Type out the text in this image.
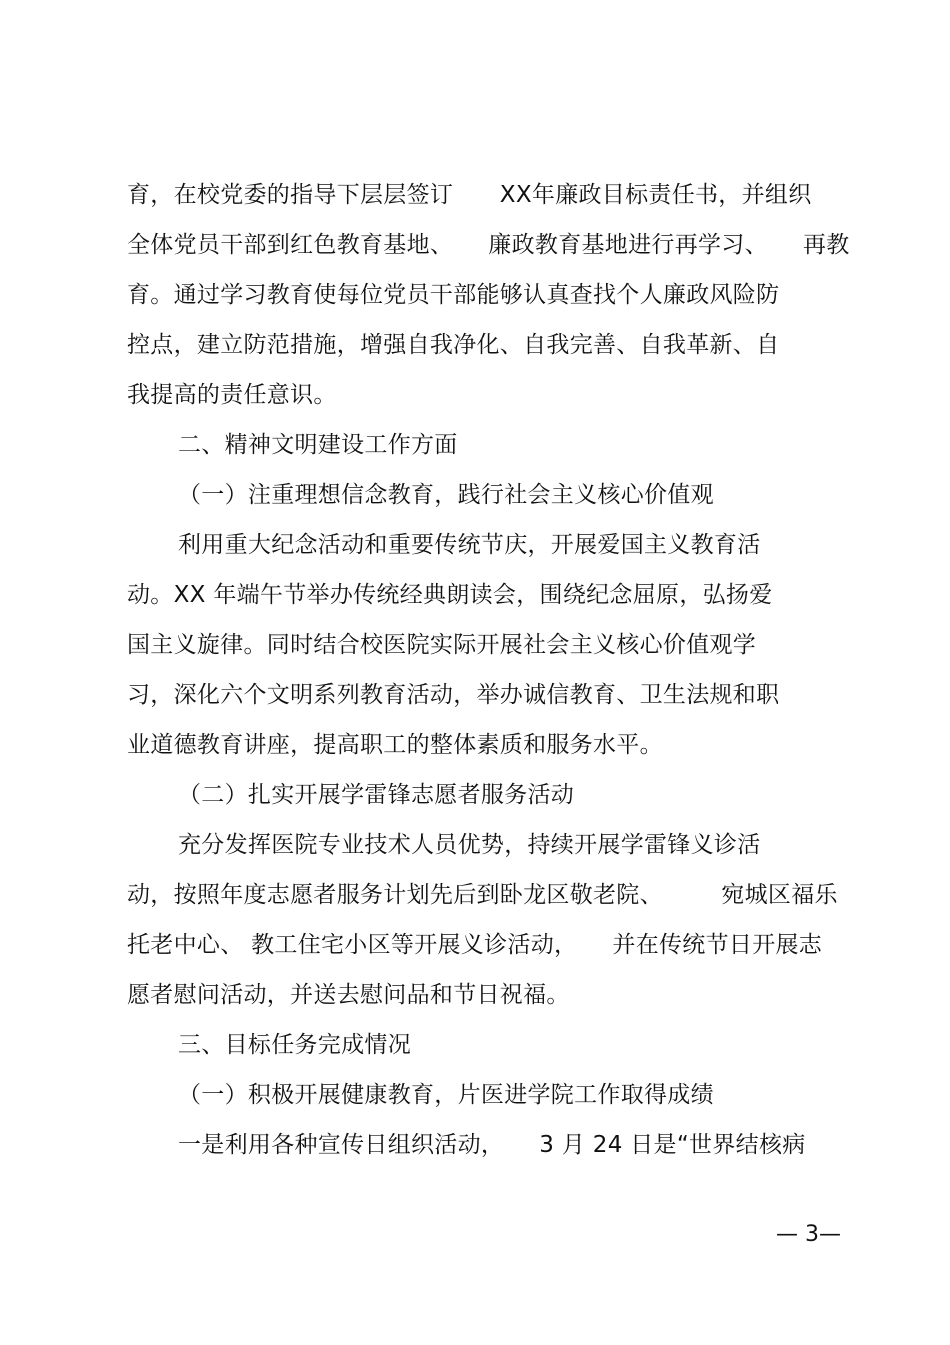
育，在校党委的指导下层层签订　　XX年廉政目标责任书，并组织
全体党员干部到红色教育基地、　　廉政教育基地进行再学习、　　再教
育。通过学习教育使每位党员干部能够认真查找个人廉政风险防
控点，建立防范措施，增强自我净化、自我完善、自我革新、自
我提高的责任意识。
二、精神文明建设工作方面
（一）注重理想信念教育，践行社会主义核心价值观
利用重大纪念活动和重要传统节庆，开展爱国主义教育活
动。XX 年端午节举办传统经典朗读会，围绕纪念屈原，弘扬爱
国主义旋律。同时结合校医院实际开展社会主义核心价值观学
习，深化六个文明系列教育活动，举办诚信教育、卫生法规和职
业道德教育讲座，提高职工的整体素质和服务水平。
（二）扎实开展学雷锋志愿者服务活动
充分发挥医院专业技术人员优势，持续开展学雷锋义诊活
动，按照年度志愿者服务计划先后到卧龙区敬老院、　　　宛城区福乐
托老中心、 教工住宅小区等开展义诊活动，　　并在传统节日开展志
愿者慰问活动，并送去慰问品和节日祝福。
三、目标任务完成情况
（一）积极开展健康教育，片医进学院工作取得成绩
一是利用各种宣传日组织活动，　　3 月 24 日是“世界结核病
— 3—
